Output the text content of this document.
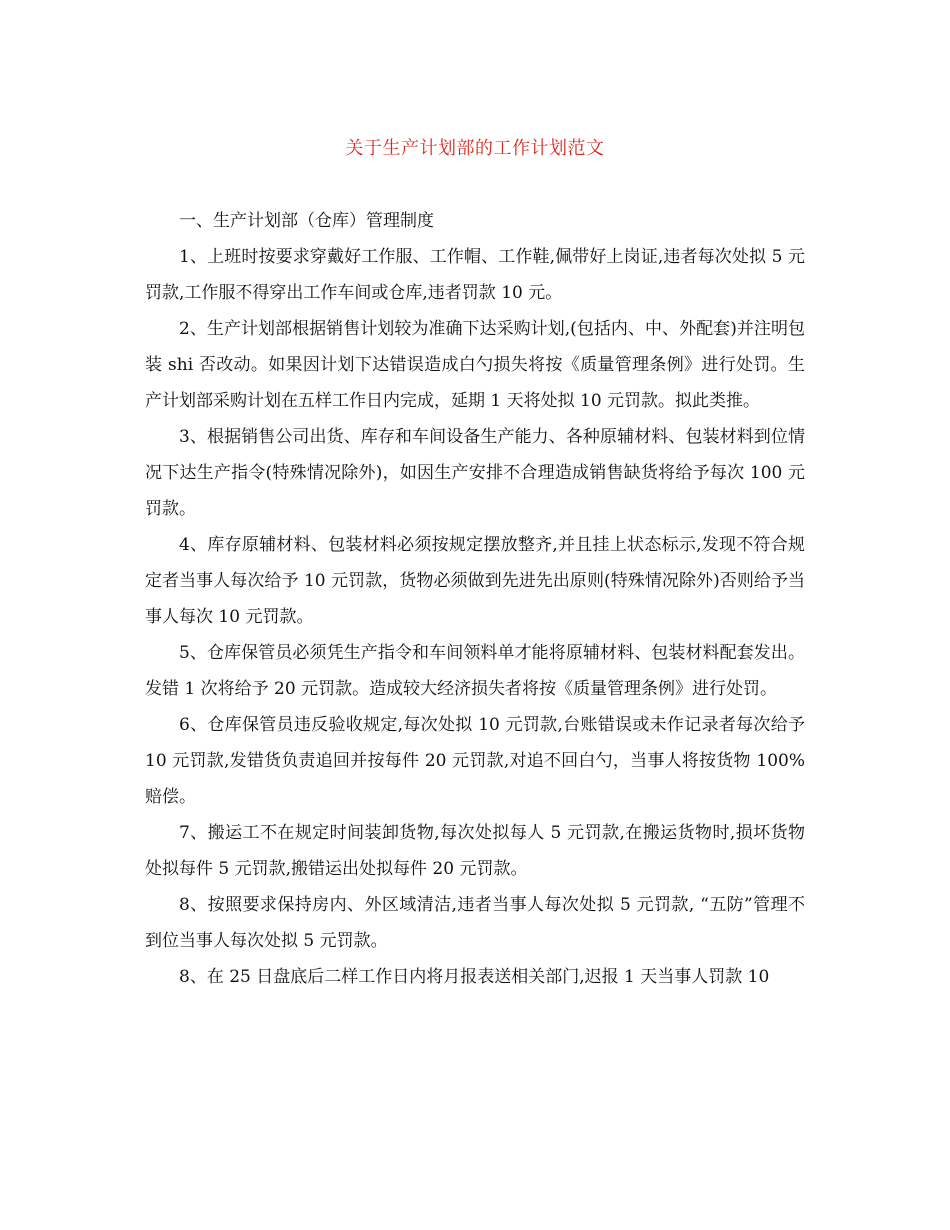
关于生产计划部的工作计划范文

一、生产计划部（仓库）管理制度

1、上班时按要求穿戴好工作服、工作帽、工作鞋,佩带好上岗证,违者每次处拟 5 元罚款,工作服不得穿出工作车间或仓库,违者罚款 10 元。

2、生产计划部根据销售计划较为准确下达采购计划,(包括内、中、外配套)并注明包装 shi 否改动。如果因计划下达错误造成白勺损失将按《质量管理条例》进行处罚。生产计划部采购计划在五样工作日内完成，延期 1 天将处拟 10 元罚款。拟此类推。

3、根据销售公司出货、库存和车间设备生产能力、各种原辅材料、包装材料到位情况下达生产指令(特殊情况除外)，如因生产安排不合理造成销售缺货将给予每次 100 元罚款。

4、库存原辅材料、包装材料必须按规定摆放整齐,并且挂上状态标示,发现不符合规定者当事人每次给予 10 元罚款，货物必须做到先进先出原则(特殊情况除外)否则给予当事人每次 10 元罚款。

5、仓库保管员必须凭生产指令和车间领料单才能将原辅材料、包装材料配套发出。发错 1 次将给予 20 元罚款。造成较大经济损失者将按《质量管理条例》进行处罚。

6、仓库保管员违反验收规定,每次处拟 10 元罚款,台账错误或未作记录者每次给予 10 元罚款,发错货负责追回并按每件 20 元罚款,对追不回白勺，当事人将按货物 100%赔偿。

7、搬运工不在规定时间装卸货物,每次处拟每人 5 元罚款,在搬运货物时,损坏货物处拟每件 5 元罚款,搬错运出处拟每件 20 元罚款。

8、按照要求保持房内、外区域清洁,违者当事人每次处拟 5 元罚款, “五防”管理不到位当事人每次处拟 5 元罚款。

8、在 25 日盘底后二样工作日内将月报表送相关部门,迟报 1 天当事人罚款 10
